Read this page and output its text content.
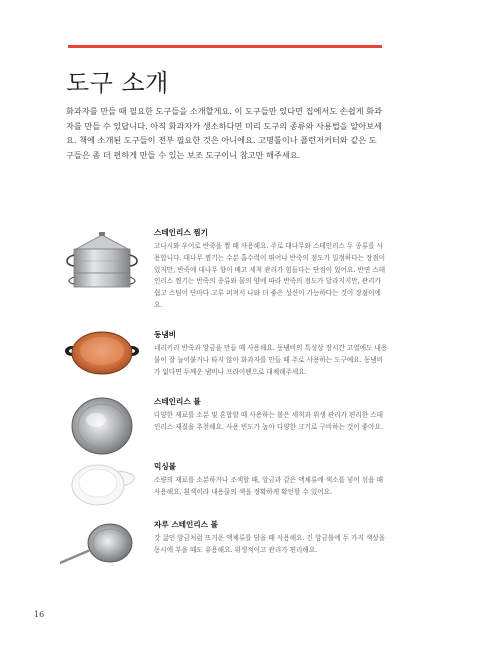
도구 소개

화과자를 만들 때 필요한 도구들을 소개할게요. 이 도구들만 있다면 집에서도 손쉽게 화과자를 만들 수 있답니다. 아직 화과자가 생소하다면 미리 도구의 종류와 사용법을 알아보세요. 책에 소개된 도구들이 전부 필요한 것은 아니에요. 고명틀이나 플런저커터와 같은 도구들은 좀 더 편하게 만들 수 있는 보조 도구이니 참고만 해주세요.

스테인리스 찜기

고나시와 우이로 반죽을 찔 때 사용해요. 주로 대나무와 스테인리스 두 종류를 사용합니다. 대나무 찜기는 수분 흡수력이 뛰어나 반죽의 점도가 일정하다는 장점이 있지만, 반죽에 대나무 향이 배고 세척 관리가 힘들다는 단점이 있어요. 반면 스테인리스 찜기는 반죽의 종류와 물의 양에 따라 반죽의 점도가 달라지지만, 관리가 쉽고 스팀이 단마다 고루 퍼져서 나와 더 좋은 성신이 가능하다는 것이 장점이에요.

동냄비

네리키리 반죽과 앙금을 만들 때 사용해요. 동냄비의 특성상 장시간 고열에도 내용물이 잘 늘어붙거나 타지 않아 화과자를 만들 때 주로 사용하는 도구예요. 동냄비가 없다면 두께운 냄비나 프라이팬으로 대체해주세요.

스테인리스 볼

다양한 재료를 소분 및 혼합할 때 사용하는 볼은 세척과 위생 관리가 편리한 스테인리스 재질을 추천해요. 사용 빈도가 높아 다양한 크기로 구비하는 것이 좋아요.

믹싱볼

소량의 재료를 소분하거나 조색할 때, 앙금과 같은 액체류에 색소를 넣어 섞을 때 사용해요. 흰색이라 내용물의 색을 정확하게 확인할 수 있어요.

자루 스테인리스 볼

갓 끓인 앙금처럼 뜨거운 액체류를 담을 때 사용해요. 긴 앙금틀에 두 가지 색상을 동시에 부을 때도 유용해요. 위생적이고 관리가 편리해요.

16
